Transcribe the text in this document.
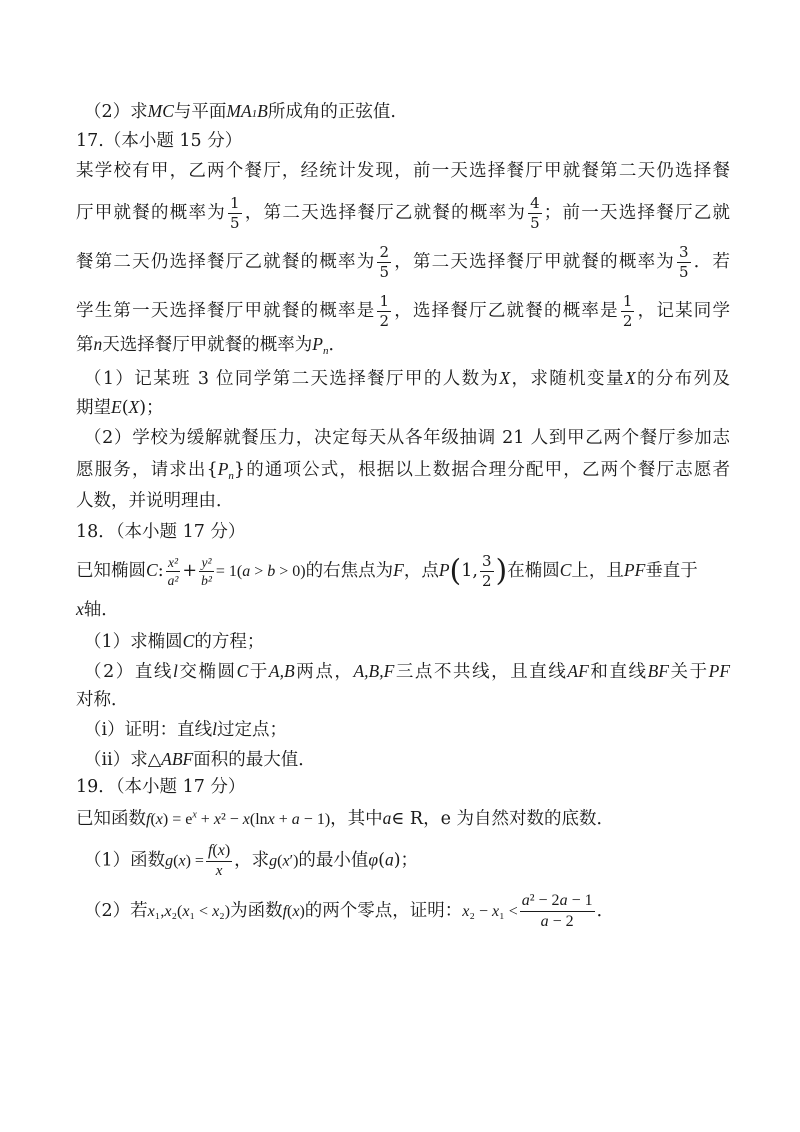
（2）求MC与平面MA1B所成角的正弦值.
17.（本小题 15 分）
某学校有甲，乙两个餐厅，经统计发现，前一天选择餐厅甲就餐第二天仍选择餐
厅甲就餐的概率为 $\frac{1}{5}$ ，第二天选择餐厅乙就餐的概率为 $\frac{4}{5}$ ；前一天选择餐厅乙就
餐第二天仍选择餐厅乙就餐的概率为 $\frac{2}{5}$ ，第二天选择餐厅甲就餐的概率为 $\frac{3}{5}$ ．若
学生第一天选择餐厅甲就餐的概率是 $\frac{1}{2}$ ，选择餐厅乙就餐的概率是 $\frac{1}{2}$ ，记某同学
第n天选择餐厅甲就餐的概率为$P_n$．
（1）记某班 3 位同学第二天选择餐厅甲的人数为X，求随机变量X的分布列及
期望E(X)；
（2）学校为缓解就餐压力，决定每天从各年级抽调 21 人到甲乙两个餐厅参加志
愿服务，请求出$\{P_n\}$的通项公式，根据以上数据合理分配甲，乙两个餐厅志愿者
人数，并说明理由．
18．（本小题 17 分）
已知椭圆C: $\frac{\text{x²}}{\text{a²}} + \frac{\text{y²}}{\text{b²}} = 1(a > b > 0)$的右焦点为F，点P(1, $\frac{3}{2}$ )在椭圆C上，且PF垂直于
x轴．
（1）求椭圆C的方程；
（2）直线l交椭圆C于A,B两点，A,B,F三点不共线，且直线AF和直线BF关于PF
对称．
（ⅰ）证明：直线l过定点；
（ⅱ）求△ABF面积的最大值．
19．（本小题 17 分）
已知函数$f(x) = e^x + x^2 - x(\ln x + a - 1)$，其中a∈ R，e 为自然对数的底数．
（1）函数$g(x) = \frac{f(x)}{x}$ ，求g(x′)的最小值φ(a)；
（2）若x₁,x₂(x₁ < x₂)为函数f(x)的两个零点，证明：$x_2 - x_1 < \frac{\text{a² − 2a − 1}}{a - 2}$ ．
